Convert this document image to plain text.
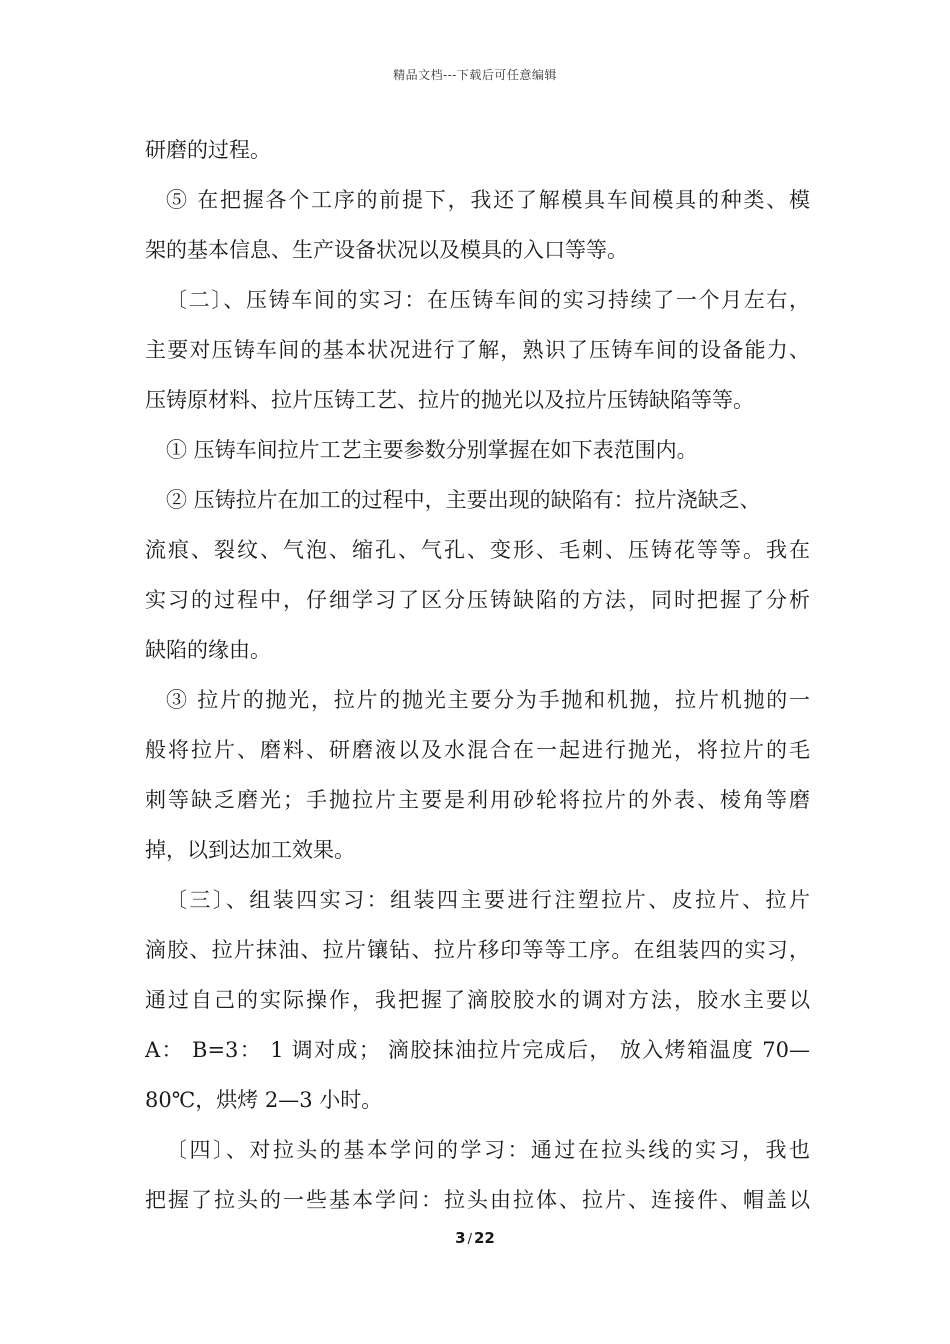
精品文档---下载后可任意编辑
研磨的过程。
⑤ 在把握各个工序的前提下，我还了解模具车间模具的种类、模
架的基本信息、生产设备状况以及模具的入口等等。
〔二〕、压铸车间的实习：在压铸车间的实习持续了一个月左右，
主要对压铸车间的基本状况进行了解，熟识了压铸车间的设备能力、
压铸原材料、拉片压铸工艺、拉片的抛光以及拉片压铸缺陷等等。
① 压铸车间拉片工艺主要参数分别掌握在如下表范围内。
② 压铸拉片在加工的过程中，主要出现的缺陷有：拉片浇缺乏、
流痕、裂纹、气泡、缩孔、气孔、变形、毛刺、压铸花等等。我在
实习的过程中，仔细学习了区分压铸缺陷的方法，同时把握了分析
缺陷的缘由。
③ 拉片的抛光，拉片的抛光主要分为手抛和机抛，拉片机抛的一
般将拉片、磨料、研磨液以及水混合在一起进行抛光，将拉片的毛
刺等缺乏磨光；手抛拉片主要是利用砂轮将拉片的外表、棱角等磨
掉，以到达加工效果。
〔三〕、组装四实习：组装四主要进行注塑拉片、皮拉片、拉片
滴胶、拉片抹油、拉片镶钻、拉片移印等等工序。在组装四的实习，
通过自己的实际操作，我把握了滴胶胶水的调对方法，胶水主要以
A： B=3： 1 调对成； 滴胶抹油拉片完成后， 放入烤箱温度 70—
80℃，烘烤 2—3 小时。
〔四〕、对拉头的基本学问的学习：通过在拉头线的实习，我也
把握了拉头的一些基本学问：拉头由拉体、拉片、连接件、帽盖以
3 / 22
